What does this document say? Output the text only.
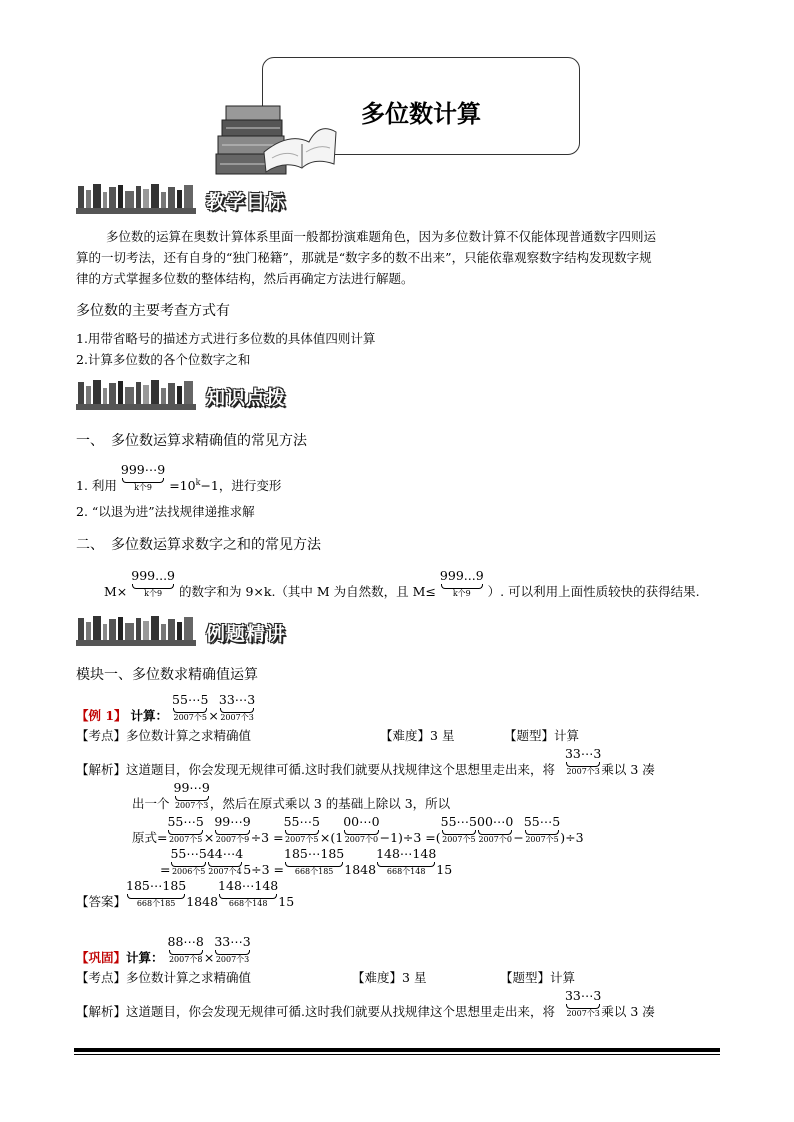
多位数计算
教学目标
多位数的运算在奥数计算体系里面一般都扮演难题角色，因为多位数计算不仅能体现普通数字四则运
算的一切考法，还有自身的“独门秘籍”，那就是“数字多的数不出来”，只能依靠观察数字结构发现数字规
律的方式掌握多位数的整体结构，然后再确定方法进行解题。
多位数的主要考查方式有
1.用带省略号的描述方式进行多位数的具体值四则计算
2.计算多位数的各个位数字之和
知识点拨
一、　多位数运算求精确值的常见方法
1. 利用
999⋯9
k个9	$=10^k-1$，进行变形
2. “以退为进”法找规律递推求解
二、　多位数运算求数字之和的常见方法
M×
999...9
k个9	的数字和为 9×k.（其中 M 为自然数，且 M≤
999...9
k个9	）. 可以利用上面性质较快的获得结果.
例题精讲
模块一、多位数求精确值运算
【例 1】 计算：
55⋯5
2007个5 ×
33⋯3
2007个3
【考点】多位数计算之求精确值	【难度】3 星	【题型】计算
【解析】这道题目，你会发现无规律可循.这时我们就要从找规律这个思想里走出来，将
33⋯3
2007个3 乘以 3 凑
出一个
99⋯9
2007个3 ，然后在原式乘以 3 的基础上除以 3，所以
原式=
55⋯5
2007个5 ×
99⋯9
2007个9 ÷3 =
55⋯5
2007个5 ×(1
00⋯0
2007个0 −1)÷3 =(
55⋯5
2007个5
00⋯0
2007个0 −
55⋯5
2007个5 )÷3
=
55⋯5
2006个5
44⋯4
2007个4 5÷3 =
185⋯185
668个185 1848
148⋯148
668个148 15
【答案】
185⋯185
668个185 1848
148⋯148
668个148 15
【巩固】计算：
88⋯8
2007个8 ×
33⋯3
2007个3
【考点】多位数计算之求精确值	【难度】3 星	【题型】计算
【解析】这道题目，你会发现无规律可循.这时我们就要从找规律这个思想里走出来，将
33⋯3
2007个3 乘以 3 凑
